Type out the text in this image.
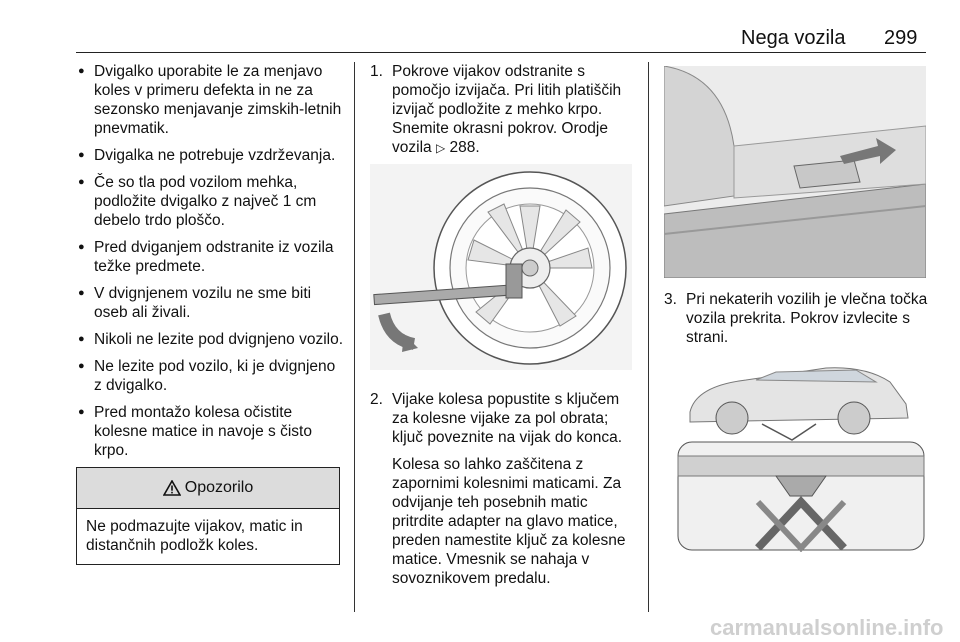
Nega vozila 299
● Dvigalko uporabite le za menjavo koles v primeru defekta in ne za sezonsko menjavanje zimskih-letnih pnevmatik.
● Dvigalka ne potrebuje vzdrževanja.
● Če so tla pod vozilom mehka, podložite dvigalko z največ 1 cm debelo trdo ploščo.
● Pred dviganjem odstranite iz vozila težke predmete.
● V dvignjenem vozilu ne sme biti oseb ali živali.
● Nikoli ne lezite pod dvignjeno vozilo.
● Ne lezite pod vozilo, ki je dvignjeno z dvigalko.
● Pred montažo kolesa očistite kolesne matice in navoje s čisto krpo.
Opozorilo
Ne podmazujte vijakov, matic in distančnih podložk koles.
1. Pokrove vijakov odstranite s pomočjo izvijača. Pri litih platiščih izvijač podložite z mehko krpo. Snemite okrasni pokrov. Orodje vozila ▷ 288.
2. Vijake kolesa popustite s ključem za kolesne vijake za pol obrata; ključ poveznite na vijak do konca.
Kolesa so lahko zaščitena z zapornimi kolesnimi maticami. Za odvijanje teh posebnih matic pritrdite adapter na glavo matice, preden namestite ključ za kolesne matice. Vmesnik se nahaja v sovoznikovem predalu.
3. Pri nekaterih vozilih je vlečna točka vozila prekrita. Pokrov izvlecite s strani.
carmanualsonline.info
